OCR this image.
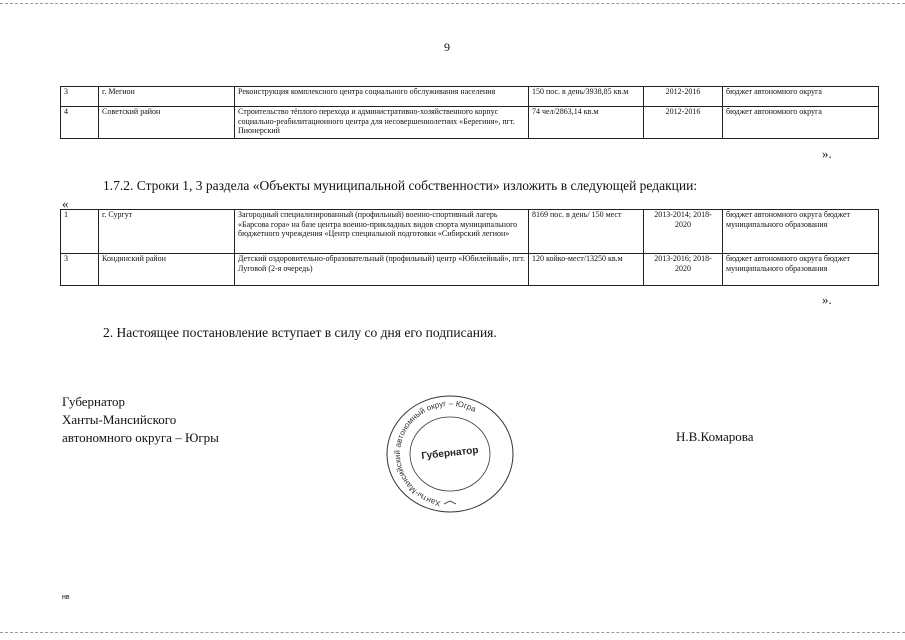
9
3	г. Мегион	Реконструкция комплексного центра социального обслуживания населения	150 пос. в день/3938,85 кв.м	2012-2016	бюджет автономного округа
4	Советский район	Строительство тёплого перехода и административно-хозяйственного корпус социально-реабилитационного центра для несовершеннолетних «Берегиня», пгт. Пионерский	74 чел/2863,14 кв.м	2012-2016	бюджет автономного округа
».
1.7.2. Строки 1, 3 раздела «Объекты муниципальной собственности» изложить в следующей редакции:
«
1	г. Сургут	Загородный специализированный (профильный) военно-спортивный лагерь «Барсова гора» на базе центра военно-прикладных видов спорта муниципального бюджетного учреждения «Центр специальной подготовки «Сибирский легион»	8169 пос. в день/ 150 мест	2013-2014; 2018-2020	бюджет автономного округа бюджет муниципального образования
3	Кондинский район	Детский оздоровительно-образовательный (профильный) центр «Юбилейный», пгт. Луговой (2-я очередь)	120 койко-мест/13250 кв.м	2013-2016; 2018-2020	бюджет автономного округа бюджет муниципального образования
».
2. Настоящее постановление вступает в силу со дня его подписания.
Губернатор
Ханты-Мансийского
автономного округа – Югры
Ханты-Мансийский автономный округ – Югра
Губернатор
Н.В.Комарова
нв
